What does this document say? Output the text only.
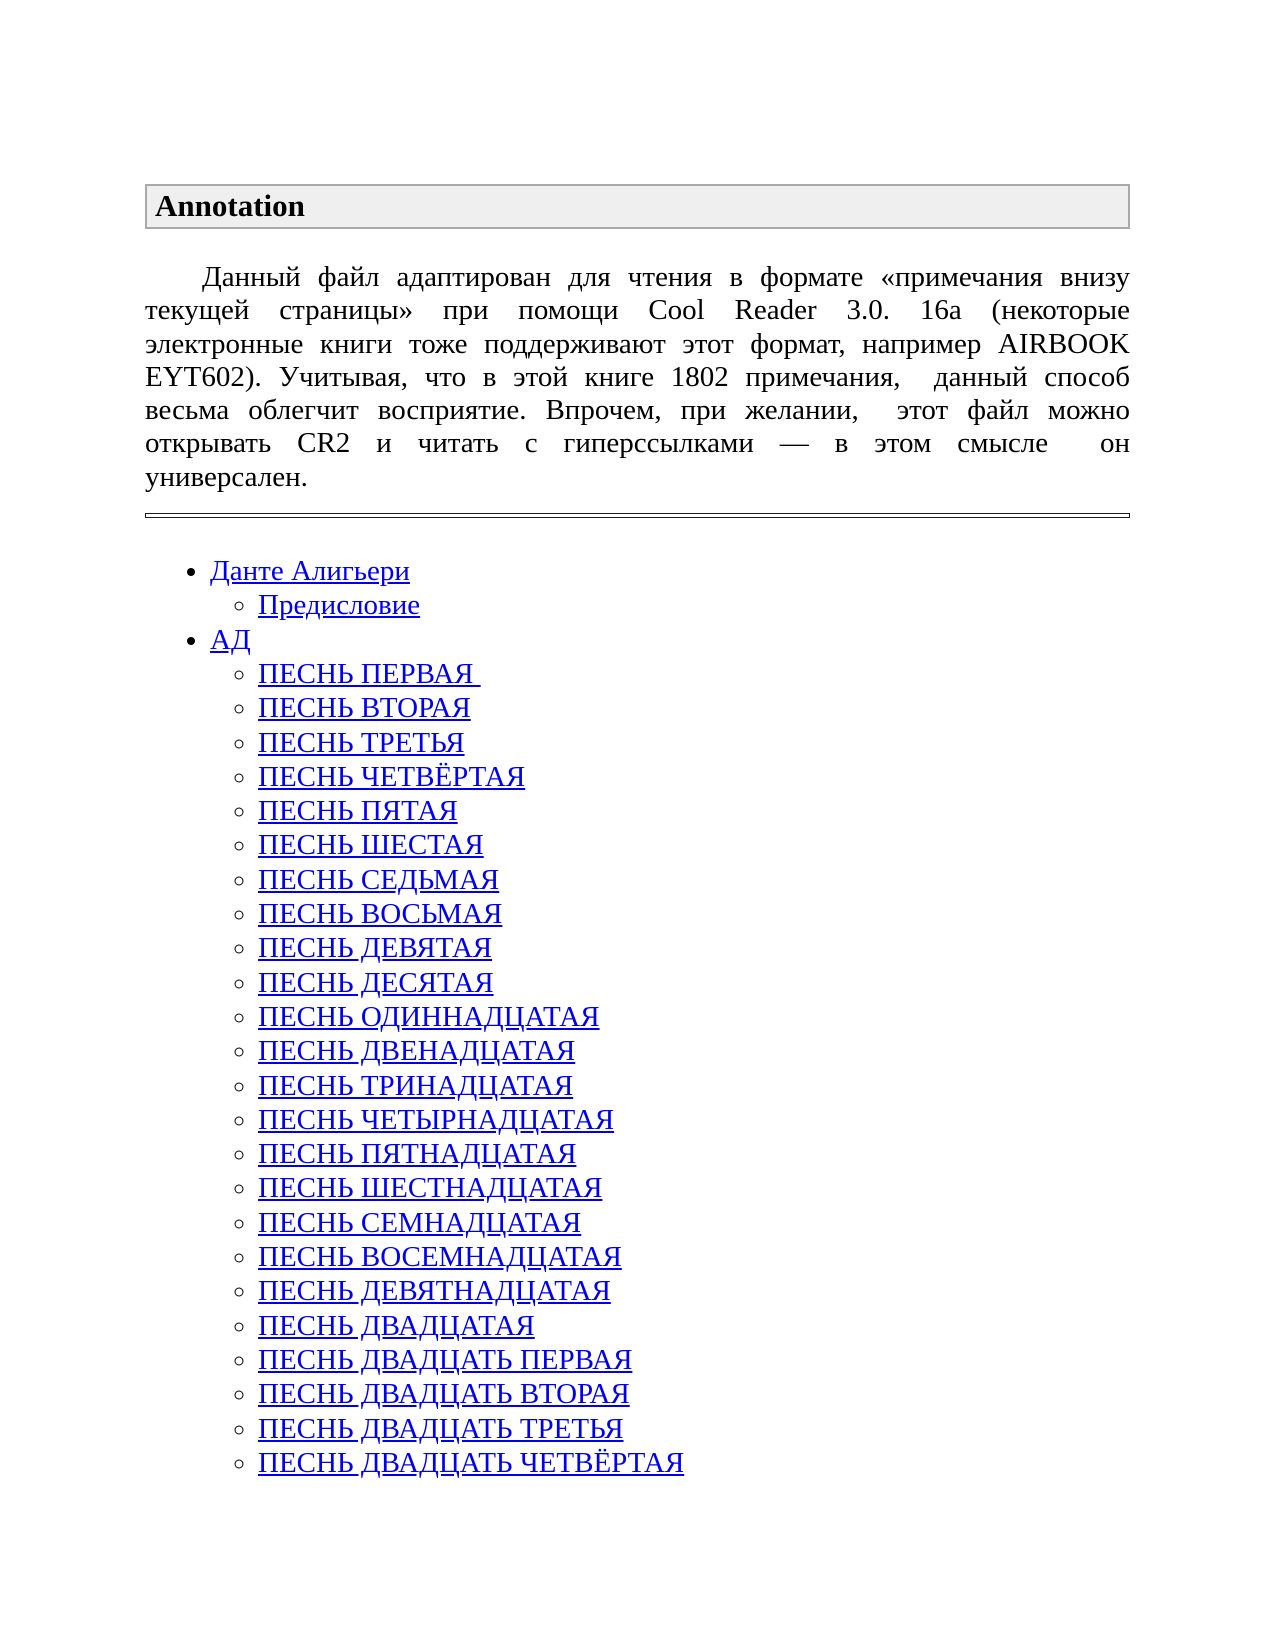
Annotation
Данный файл адаптирован для чтения в формате «примечания внизу
текущей страницы» при помощи Cool Reader 3.0. 16а (некоторые
электронные книги тоже поддерживают этот формат, например AIRBOOK
EYT602). Учитывая, что в этой книге 1802 примечания,  данный способ
весьма облегчит восприятие. Впрочем, при желании,  этот файл можно
открывать CR2 и читать с гиперссылками — в этом смысле  он
универсален.
• Данте Алигьери
◦ Предисловие
• АД
◦ ПЕСНЬ ПЕРВАЯ
◦ ПЕСНЬ ВТОРАЯ
◦ ПЕСНЬ ТРЕТЬЯ
◦ ПЕСНЬ ЧЕТВЁРТАЯ
◦ ПЕСНЬ ПЯТАЯ
◦ ПЕСНЬ ШЕСТАЯ
◦ ПЕСНЬ СЕДЬМАЯ
◦ ПЕСНЬ ВОСЬМАЯ
◦ ПЕСНЬ ДЕВЯТАЯ
◦ ПЕСНЬ ДЕСЯТАЯ
◦ ПЕСНЬ ОДИННАДЦАТАЯ
◦ ПЕСНЬ ДВЕНАДЦАТАЯ
◦ ПЕСНЬ ТРИНАДЦАТАЯ
◦ ПЕСНЬ ЧЕТЫРНАДЦАТАЯ
◦ ПЕСНЬ ПЯТНАДЦАТАЯ
◦ ПЕСНЬ ШЕСТНАДЦАТАЯ
◦ ПЕСНЬ СЕМНАДЦАТАЯ
◦ ПЕСНЬ ВОСЕМНАДЦАТАЯ
◦ ПЕСНЬ ДЕВЯТНАДЦАТАЯ
◦ ПЕСНЬ ДВАДЦАТАЯ
◦ ПЕСНЬ ДВАДЦАТЬ ПЕРВАЯ
◦ ПЕСНЬ ДВАДЦАТЬ ВТОРАЯ
◦ ПЕСНЬ ДВАДЦАТЬ ТРЕТЬЯ
◦ ПЕСНЬ ДВАДЦАТЬ ЧЕТВЁРТАЯ
